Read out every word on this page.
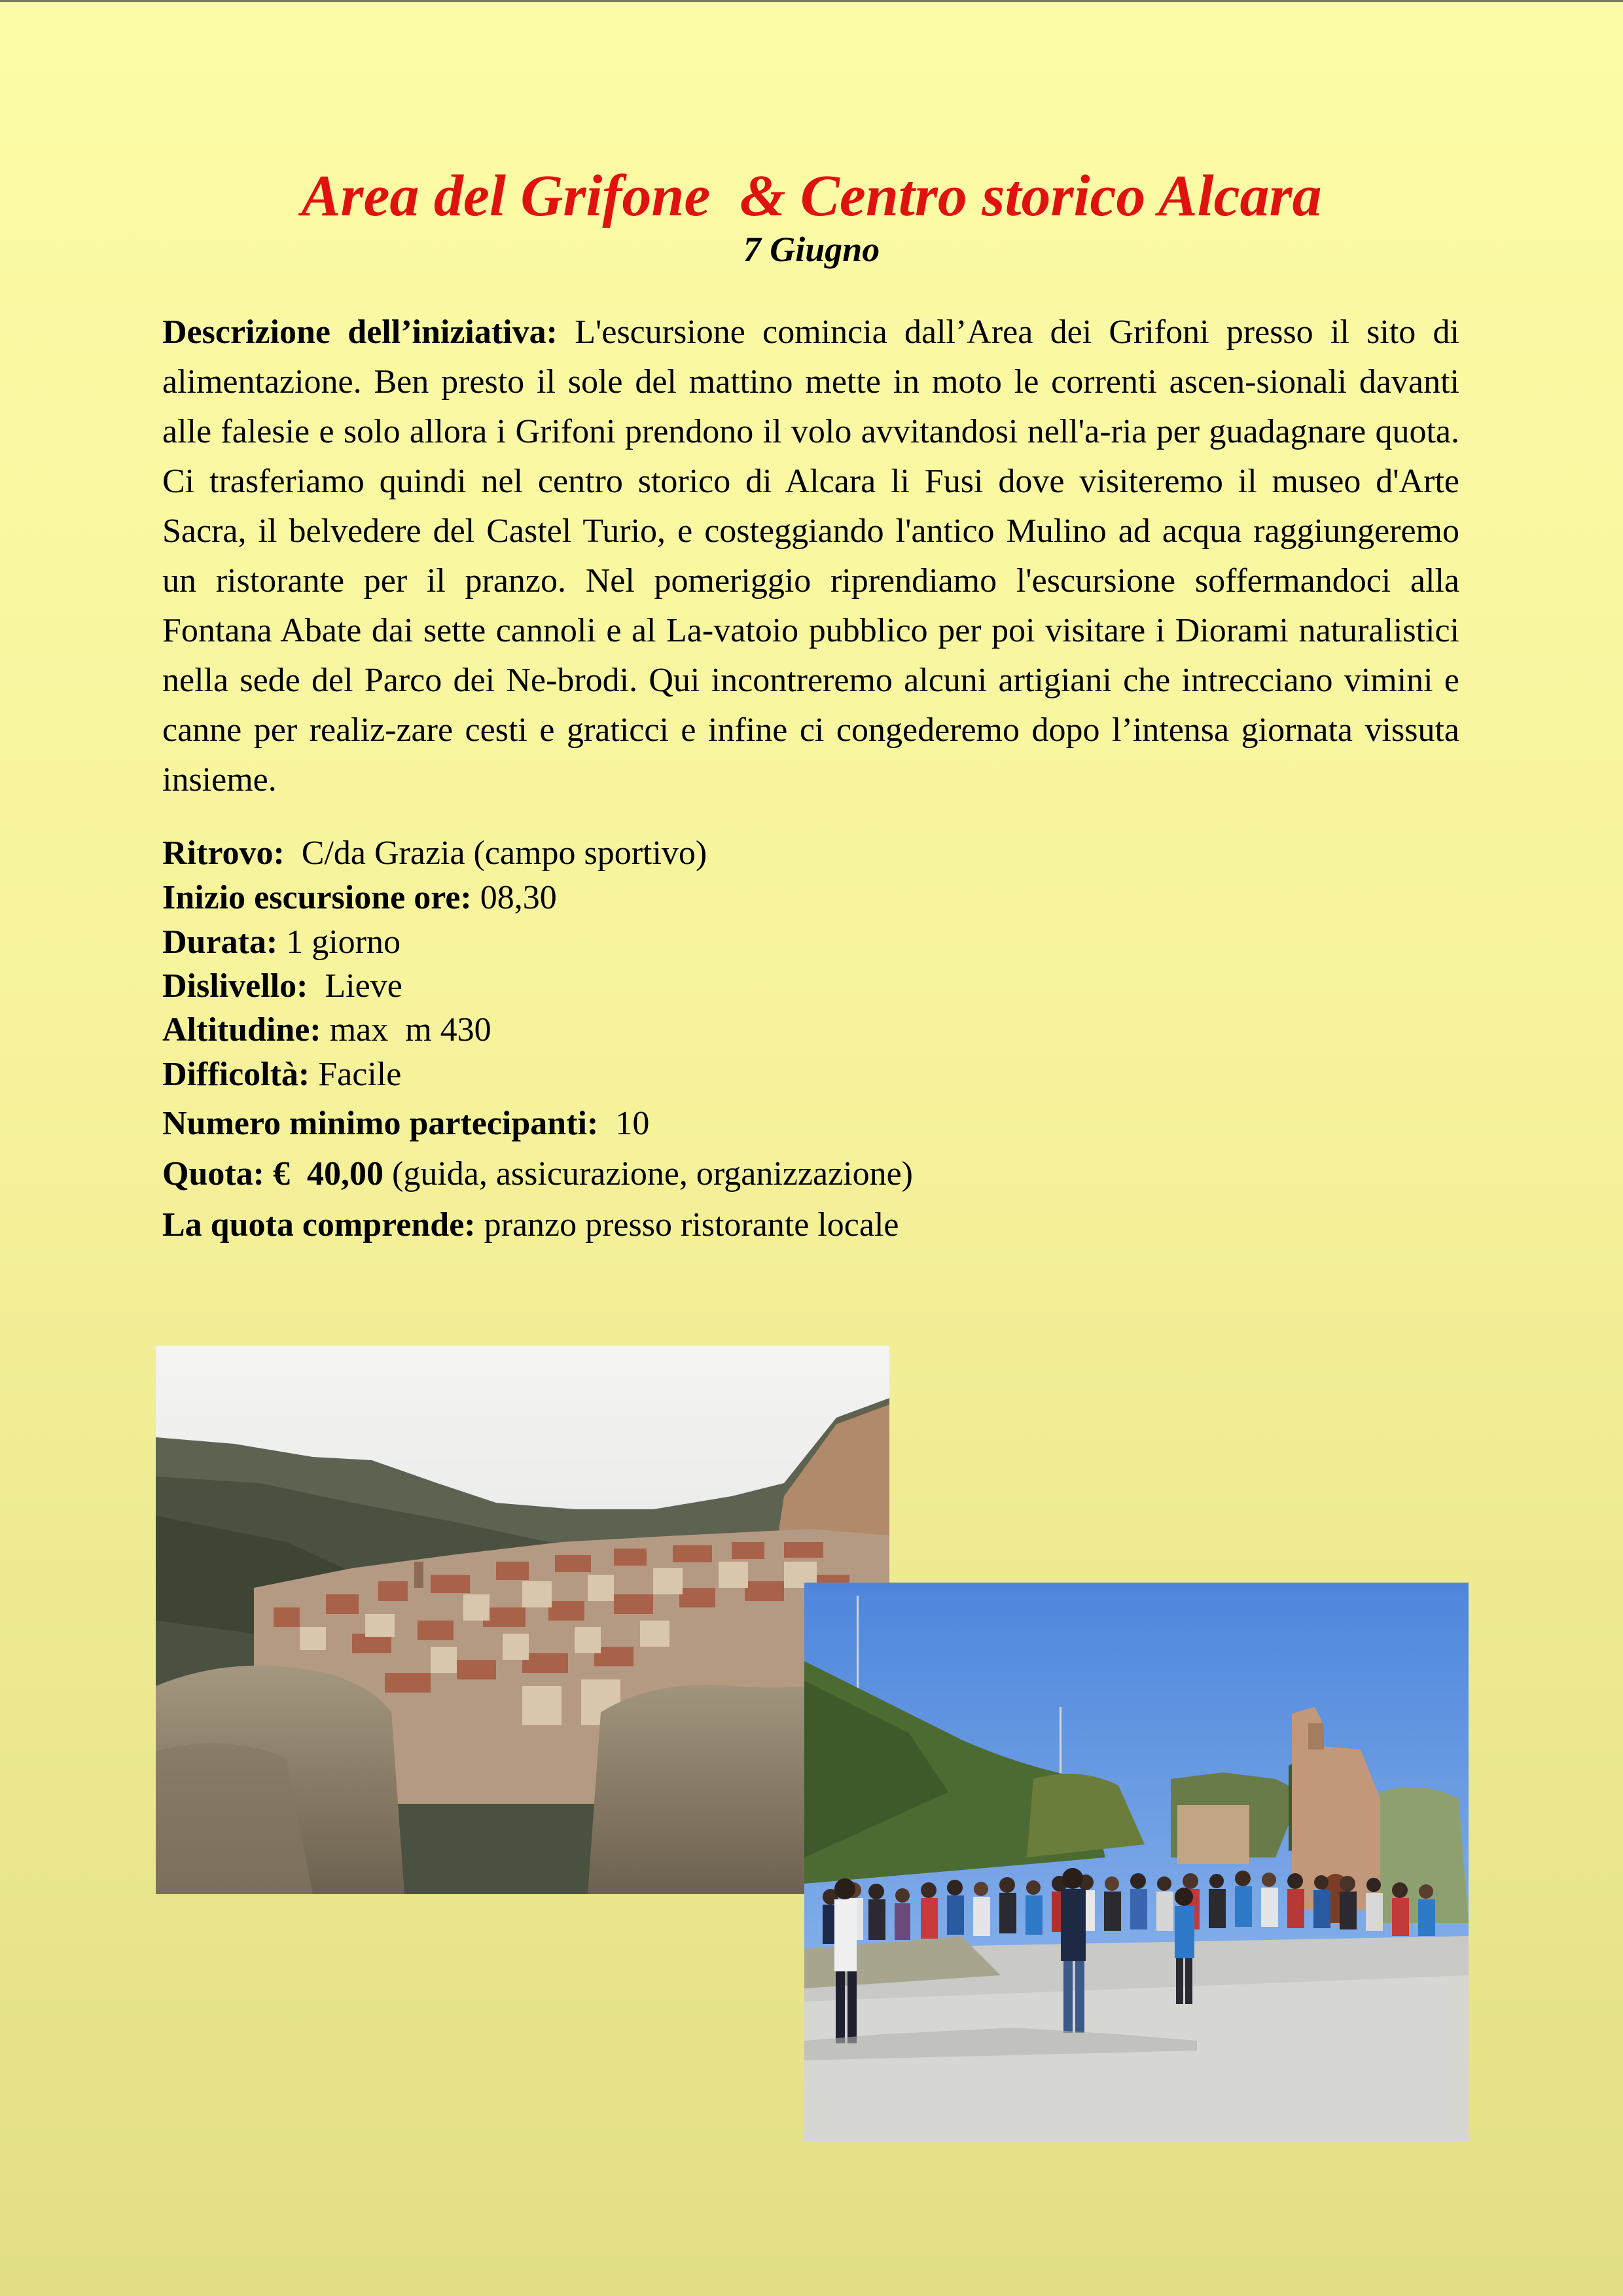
Area del Grifone  & Centro storico Alcara
7 Giugno

Descrizione dell’iniziativa: L'escursione comincia dall’Area dei Grifoni presso il sito di alimentazione. Ben presto il sole del mattino mette in moto le correnti ascen-sionali davanti alle falesie e solo allora i Grifoni prendono il volo avvitandosi nell'a-ria per guadagnare quota. Ci trasferiamo quindi nel centro storico di Alcara li Fusi dove visiteremo il museo d'Arte Sacra, il belvedere del Castel Turio, e costeggiando l'antico Mulino ad acqua raggiungeremo un ristorante per il pranzo. Nel pomeriggio riprendiamo l'escursione soffermandoci alla Fontana Abate dai sette cannoli e al La-vatoio pubblico per poi visitare i Diorami naturalistici nella sede del Parco dei Ne-brodi. Qui incontreremo alcuni artigiani che intrecciano vimini e canne per realiz-zare cesti e graticci e infine ci congederemo dopo l’intensa giornata vissuta insieme.

Ritrovo:  C/da Grazia (campo sportivo)
Inizio escursione ore: 08,30
Durata: 1 giorno
Dislivello:  Lieve
Altitudine: max  m 430
Difficoltà: Facile
Numero minimo partecipanti:  10
Quota: €  40,00 (guida, assicurazione, organizzazione)
La quota comprende: pranzo presso ristorante locale
